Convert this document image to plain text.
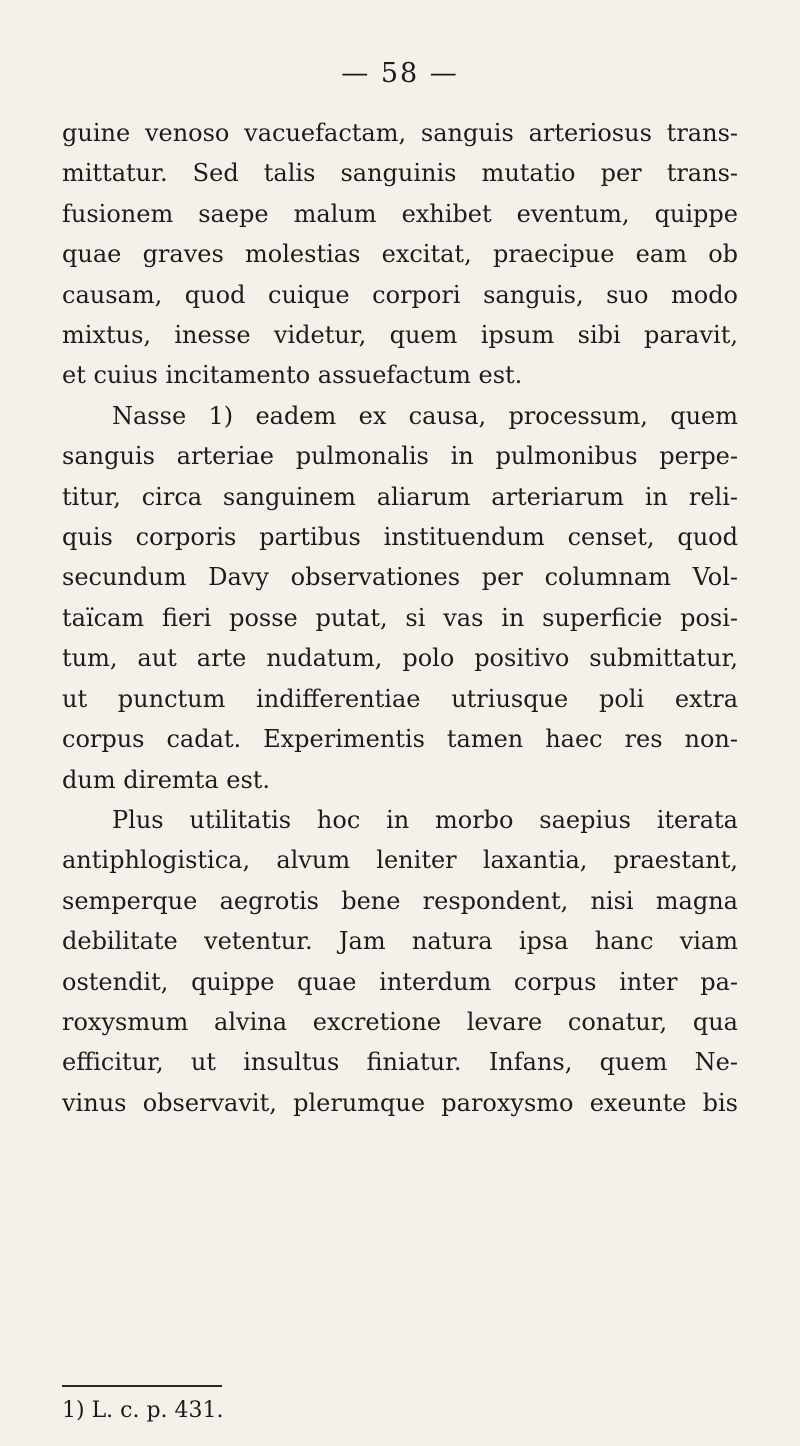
— 58 —
guine venoso vacuefactam, sanguis arteriosus trans-
mittatur. Sed talis sanguinis mutatio per trans-
fusionem saepe malum exhibet eventum, quippe
quae graves molestias excitat, praecipue eam ob
causam, quod cuique corpori sanguis, suo modo
mixtus, inesse videtur, quem ipsum sibi paravit,
et cuius incitamento assuefactum est.
Nasse 1) eadem ex causa, processum, quem
sanguis arteriae pulmonalis in pulmonibus perpe-
titur, circa sanguinem aliarum arteriarum in reli-
quis corporis partibus instituendum censet, quod
secundum Davy observationes per columnam Vol-
taïcam fieri posse putat, si vas in superficie posi-
tum, aut arte nudatum, polo positivo submittatur,
ut punctum indifferentiae utriusque poli extra
corpus cadat. Experimentis tamen haec res non-
dum diremta est.
Plus utilitatis hoc in morbo saepius iterata
antiphlogistica, alvum leniter laxantia, praestant,
semperque aegrotis bene respondent, nisi magna
debilitate vetentur. Jam natura ipsa hanc viam
ostendit, quippe quae interdum corpus inter pa-
roxysmum alvina excretione levare conatur, qua
efficitur, ut insultus finiatur. Infans, quem Ne-
vinus observavit, plerumque paroxysmo exeunte bis
1) L. c. p. 431.
